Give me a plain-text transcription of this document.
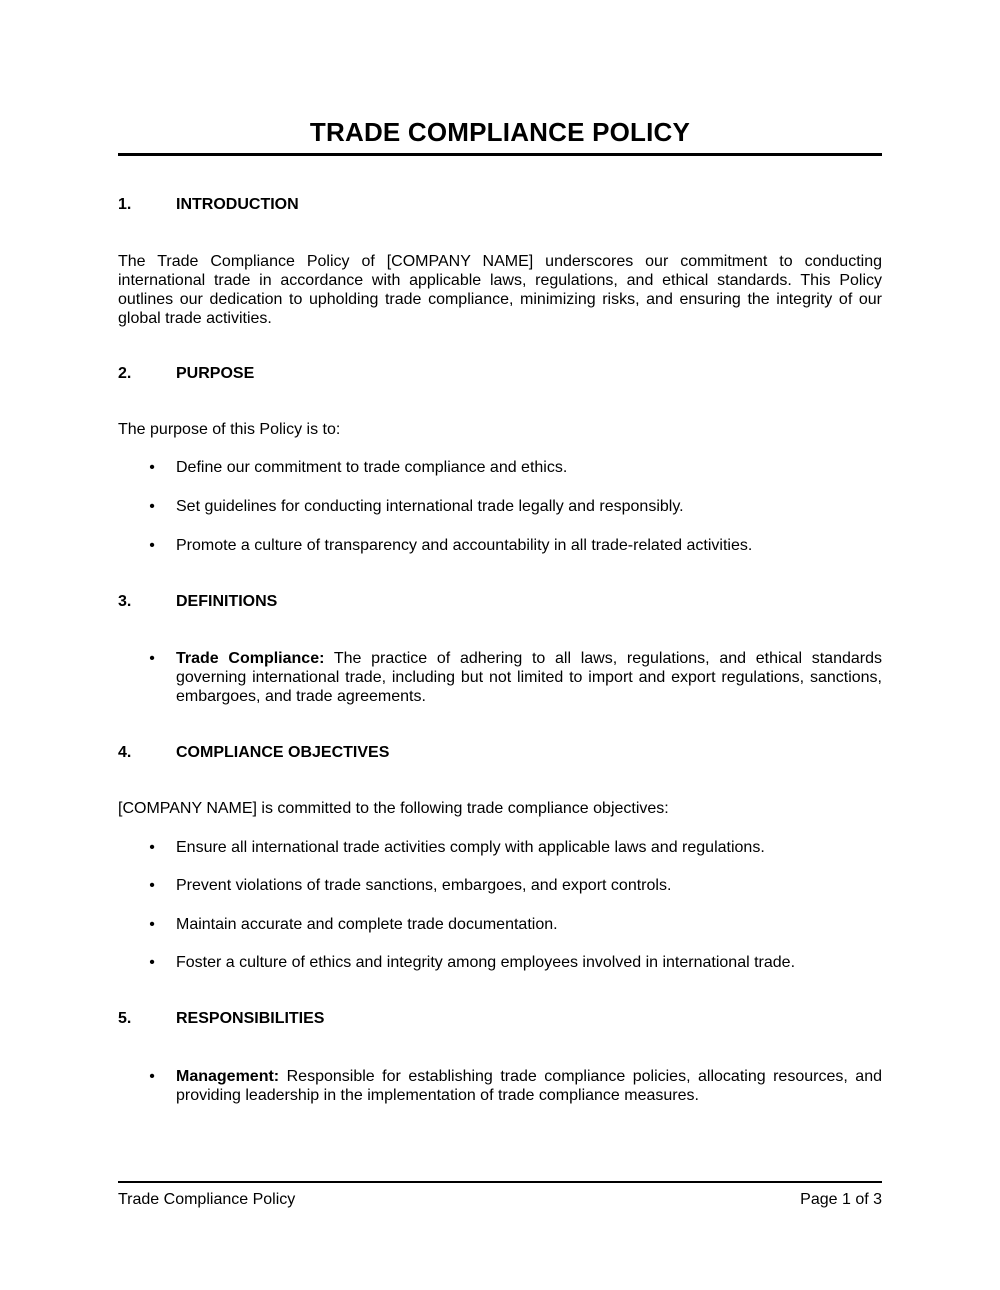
TRADE COMPLIANCE POLICY
1.	INTRODUCTION
The Trade Compliance Policy of [COMPANY NAME] underscores our commitment to conducting international trade in accordance with applicable laws, regulations, and ethical standards. This Policy outlines our dedication to upholding trade compliance, minimizing risks, and ensuring the integrity of our global trade activities.
2.	PURPOSE
The purpose of this Policy is to:
• Define our commitment to trade compliance and ethics.
• Set guidelines for conducting international trade legally and responsibly.
• Promote a culture of transparency and accountability in all trade-related activities.
3.	DEFINITIONS
• Trade Compliance: The practice of adhering to all laws, regulations, and ethical standards governing international trade, including but not limited to import and export regulations, sanctions, embargoes, and trade agreements.
4.	COMPLIANCE OBJECTIVES
[COMPANY NAME] is committed to the following trade compliance objectives:
• Ensure all international trade activities comply with applicable laws and regulations.
• Prevent violations of trade sanctions, embargoes, and export controls.
• Maintain accurate and complete trade documentation.
• Foster a culture of ethics and integrity among employees involved in international trade.
5.	RESPONSIBILITIES
• Management: Responsible for establishing trade compliance policies, allocating resources, and providing leadership in the implementation of trade compliance measures.
Trade Compliance Policy	Page 1 of 3
